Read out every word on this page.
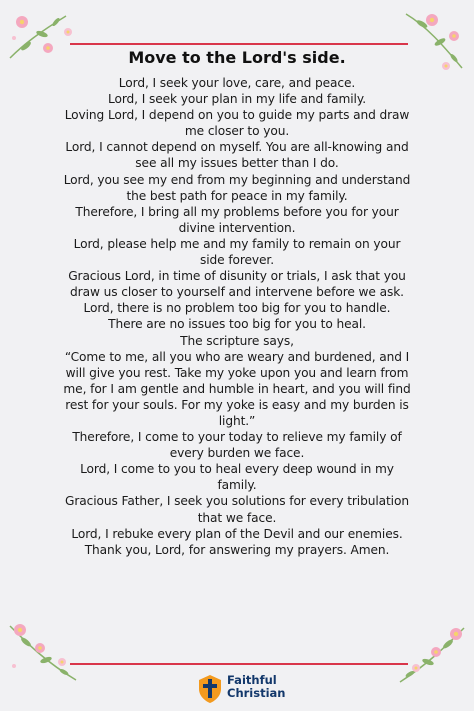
Move to the Lord's side.
Lord, I seek your love, care, and peace.
Lord, I seek your plan in my life and family.
Loving Lord, I depend on you to guide my parts and draw
me closer to you.
Lord, I cannot depend on myself. You are all-knowing and
see all my issues better than I do.
Lord, you see my end from my beginning and understand
the best path for peace in my family.
Therefore, I bring all my problems before you for your
divine intervention.
Lord, please help me and my family to remain on your
side forever.
Gracious Lord, in time of disunity or trials, I ask that you
draw us closer to yourself and intervene before we ask.
Lord, there is no problem too big for you to handle.
There are no issues too big for you to heal.
The scripture says,
“Come to me, all you who are weary and burdened, and I
will give you rest. Take my yoke upon you and learn from
me, for I am gentle and humble in heart, and you will find
rest for your souls. For my yoke is easy and my burden is
light.”
Therefore, I come to your today to relieve my family of
every burden we face.
Lord, I come to you to heal every deep wound in my
family.
Gracious Father, I seek you solutions for every tribulation
that we face.
Lord, I rebuke every plan of the Devil and our enemies.
Thank you, Lord, for answering my prayers. Amen.
Faithful
Christian
